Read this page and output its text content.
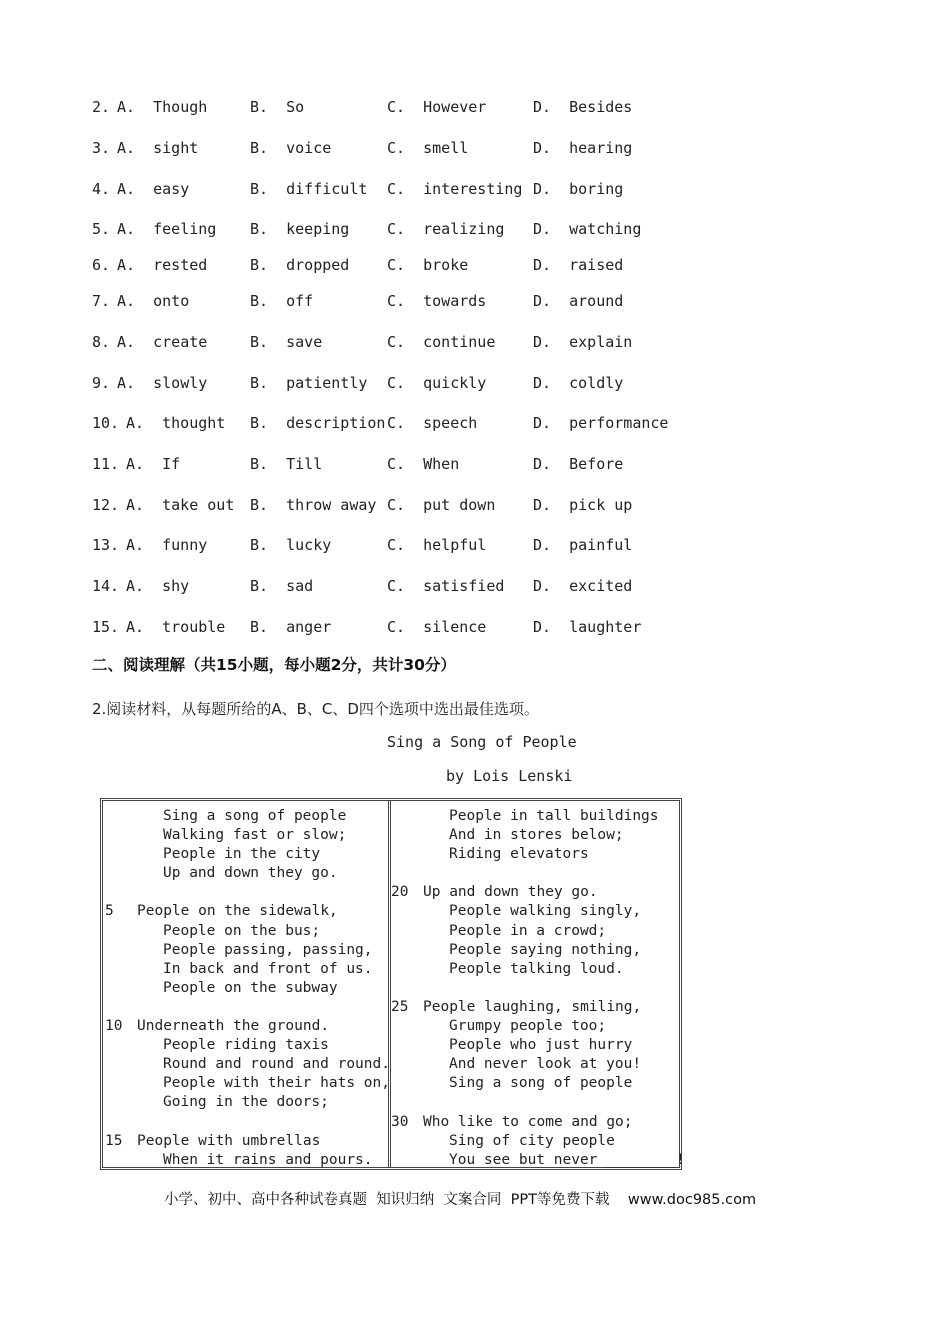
2. A.  Though	B.  So	C.  However	D.  Besides
3. A.  sight	B.  voice	C.  smell	D.  hearing
4. A.  easy	B.  difficult C.  interesting D.  boring
5. A.  feeling B.  keeping	C.  realizing D.  watching
6. A.  rested	B.  dropped	C.  broke	D.  raised
7. A.  onto	B.  off	C.  towards	D.  around
8. A.  create	B.  save	C.  continue	D.  explain
9. A.  slowly	B.  patiently C.  quickly	D.  coldly
10. A.  thought B.  description C.  speech	D.  performance
11. A.  If	B.  Till	C.  When	D.  Before
12. A.  take out B.  throw away C.  put down	D.  pick up
13. A.  funny	B.  lucky	C.  helpful	D.  painful
14. A.  shy	B.  sad	C.  satisfied D.  excited
15. A.  trouble B.  anger	C.  silence	D.  laughter
二、阅读理解（共15小题，每小题2分，共计30分）
2.阅读材料，从每题所给的A、B、C、D四个选项中选出最佳选项。
Sing a Song of People
by Lois Lenski
Sing a song of people
Walking fast or slow;
People in the city
Up and down they go.
5 People on the sidewalk,
People on the bus;
People passing, passing,
In back and front of us.
People on the subway
10 Underneath the ground.
People riding taxis
Round and round and round.
People with their hats on,
Going in the doors;
15 People with umbrellas
When it rains and pours.
People in tall buildings
And in stores below;
Riding elevators
20 Up and down they go.
People walking singly,
People in a crowd;
People saying nothing,
People talking loud.
25 People laughing, smiling,
Grumpy people too;
People who just hurry
And never look at you!
Sing a song of people
30 Who like to come and go;
Sing of city people
You see but never ________!
小学、初中、高中各种试卷真题  知识归纳  文案合同  PPT等免费下载    www.doc985.com
